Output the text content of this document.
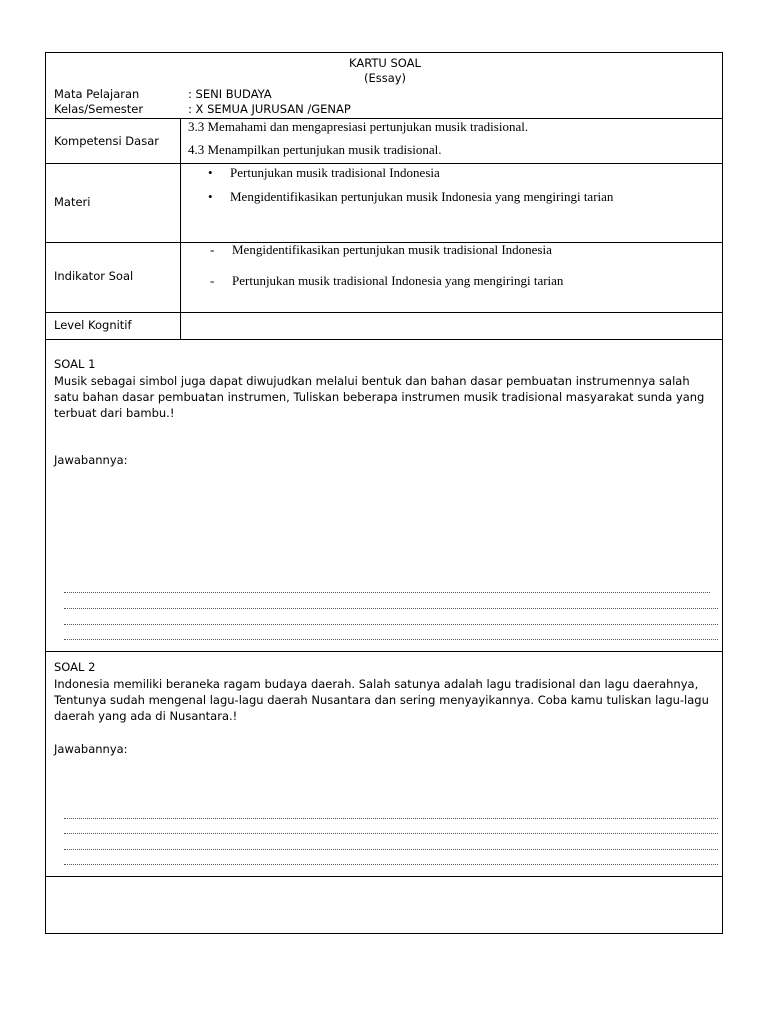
KARTU SOAL
(Essay)
Mata Pelajaran	: SENI BUDAYA
Kelas/Semester	: X SEMUA JURUSAN /GENAP
Kompetensi Dasar
3.3 Memahami dan mengapresiasi pertunjukan musik tradisional.
4.3 Menampilkan pertunjukan musik tradisional.
Materi
• Pertunjukan musik tradisional Indonesia
• Mengidentifikasikan pertunjukan musik Indonesia yang mengiringi tarian
Indikator Soal
- Mengidentifikasikan pertunjukan musik tradisional Indonesia
- Pertunjukan musik tradisional Indonesia yang mengiringi tarian
Level Kognitif
SOAL 1
Musik sebagai simbol juga dapat diwujudkan melalui bentuk dan bahan dasar pembuatan instrumennya salah satu bahan dasar pembuatan instrumen, Tuliskan beberapa instrumen musik tradisional masyarakat sunda yang terbuat dari bambu.!
Jawabannya:
SOAL 2
Indonesia memiliki beraneka ragam budaya daerah. Salah satunya adalah lagu tradisional dan lagu daerahnya, Tentunya sudah mengenal lagu-lagu daerah Nusantara dan sering menyayikannya. Coba kamu tuliskan lagu-lagu daerah yang ada di Nusantara.!
Jawabannya:
